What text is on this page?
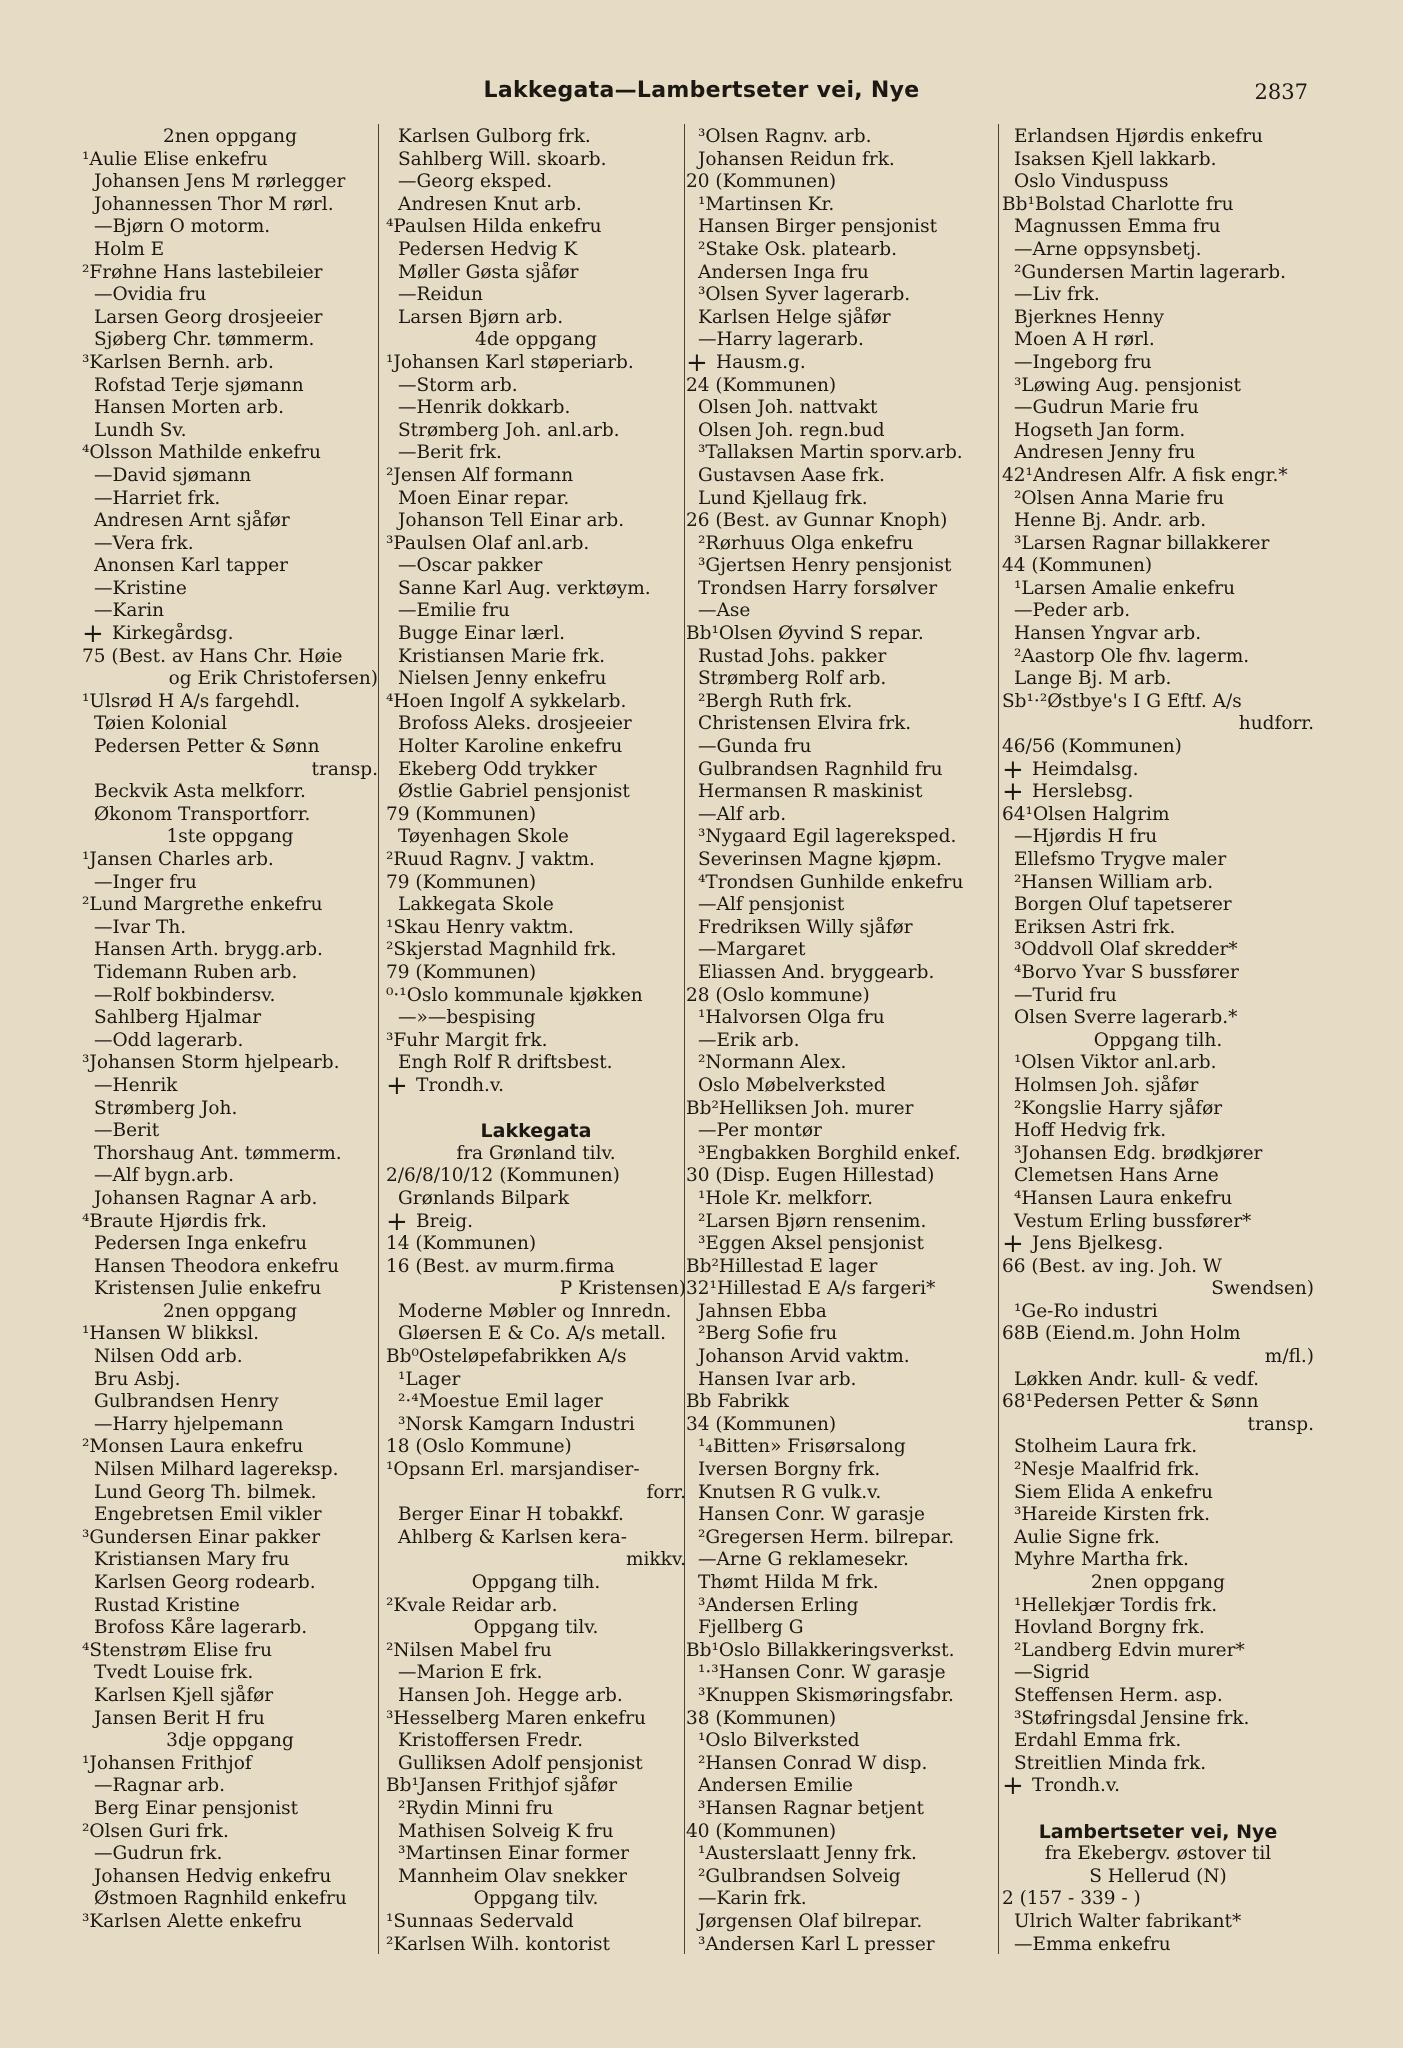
Lakkegata—Lambertseter vei, Nye	2837
2nen oppgang
¹Aulie Elise enkefru
Johansen Jens M rørlegger
Johannessen Thor M rørl.
—Bjørn O motorm.
Holm E
²Frøhne Hans lastebileier
—Ovidia fru
Larsen Georg drosjeeier
Sjøberg Chr. tømmerm.
³Karlsen Bernh. arb.
Rofstad Terje sjømann
Hansen Morten arb.
Lundh Sv.
⁴Olsson Mathilde enkefru
—David sjømann
—Harriet frk.
Andresen Arnt sjåfør
—Vera frk.
Anonsen Karl tapper
—Kristine
—Karin
+ Kirkegårdsg.
75 (Best. av Hans Chr. Høie
og Erik Christofersen)
¹Ulsrød H A/s fargehdl.
Tøien Kolonial
Pedersen Petter & Sønn
transp.
Beckvik Asta melkforr.
Økonom Transportforr.
1ste oppgang
¹Jansen Charles arb.
—Inger fru
²Lund Margrethe enkefru
—Ivar Th.
Hansen Arth. brygg.arb.
Tidemann Ruben arb.
—Rolf bokbindersv.
Sahlberg Hjalmar
—Odd lagerarb.
³Johansen Storm hjelpearb.
—Henrik
Strømberg Joh.
—Berit
Thorshaug Ant. tømmerm.
—Alf bygn.arb.
Johansen Ragnar A arb.
⁴Braute Hjørdis frk.
Pedersen Inga enkefru
Hansen Theodora enkefru
Kristensen Julie enkefru
2nen oppgang
¹Hansen W blikksl.
Nilsen Odd arb.
Bru Asbj.
Gulbrandsen Henry
—Harry hjelpemann
²Monsen Laura enkefru
Nilsen Milhard lagereksp.
Lund Georg Th. bilmek.
Engebretsen Emil vikler
³Gundersen Einar pakker
Kristiansen Mary fru
Karlsen Georg rodearb.
Rustad Kristine
Brofoss Kåre lagerarb.
⁴Stenstrøm Elise fru
Tvedt Louise frk.
Karlsen Kjell sjåfør
Jansen Berit H fru
3dje oppgang
¹Johansen Frithjof
—Ragnar arb.
Berg Einar pensjonist
²Olsen Guri frk.
—Gudrun frk.
Johansen Hedvig enkefru
Østmoen Ragnhild enkefru
³Karlsen Alette enkefru
Karlsen Gulborg frk.
Sahlberg Will. skoarb.
—Georg eksped.
Andresen Knut arb.
⁴Paulsen Hilda enkefru
Pedersen Hedvig K
Møller Gøsta sjåfør
—Reidun
Larsen Bjørn arb.
4de oppgang
¹Johansen Karl støperiarb.
—Storm arb.
—Henrik dokkarb.
Strømberg Joh. anl.arb.
—Berit frk.
²Jensen Alf formann
Moen Einar repar.
Johanson Tell Einar arb.
³Paulsen Olaf anl.arb.
—Oscar pakker
Sanne Karl Aug. verktøym.
—Emilie fru
Bugge Einar lærl.
Kristiansen Marie frk.
Nielsen Jenny enkefru
⁴Hoen Ingolf A sykkelarb.
Brofoss Aleks. drosjeeier
Holter Karoline enkefru
Ekeberg Odd trykker
Østlie Gabriel pensjonist
79 (Kommunen)
Tøyenhagen Skole
²Ruud Ragnv. J vaktm.
79 (Kommunen)
Lakkegata Skole
¹Skau Henry vaktm.
²Skjerstad Magnhild frk.
79 (Kommunen)
⁰·¹Oslo kommunale kjøkken
—»—bespising
³Fuhr Margit frk.
Engh Rolf R driftsbest.
+ Trondh.v.
Lakkegata
fra Grønland tilv.
2/6/8/10/12 (Kommunen)
Grønlands Bilpark
+ Breig.
14 (Kommunen)
16 (Best. av murm.firma
P Kristensen)
Moderne Møbler og Innredn.
Gløersen E & Co. A/s metall.
Bb⁰Osteløpefabrikken A/s
¹Lager
²·⁴Moestue Emil lager
³Norsk Kamgarn Industri
18 (Oslo Kommune)
¹Opsann Erl. marsjandiser-
forr.
Berger Einar H tobakkf.
Ahlberg & Karlsen kera-
mikkv.
Oppgang tilh.
²Kvale Reidar arb.
Oppgang tilv.
²Nilsen Mabel fru
—Marion E frk.
Hansen Joh. Hegge arb.
³Hesselberg Maren enkefru
Kristoffersen Fredr.
Gulliksen Adolf pensjonist
Bb¹Jansen Frithjof sjåfør
²Rydin Minni fru
Mathisen Solveig K fru
³Martinsen Einar former
Mannheim Olav snekker
Oppgang tilv.
¹Sunnaas Sedervald
²Karlsen Wilh. kontorist
³Olsen Ragnv. arb.
Johansen Reidun frk.
20 (Kommunen)
¹Martinsen Kr.
Hansen Birger pensjonist
²Stake Osk. platearb.
Andersen Inga fru
³Olsen Syver lagerarb.
Karlsen Helge sjåfør
—Harry lagerarb.
+ Hausm.g.
24 (Kommunen)
Olsen Joh. nattvakt
Olsen Joh. regn.bud
³Tallaksen Martin sporv.arb.
Gustavsen Aase frk.
Lund Kjellaug frk.
26 (Best. av Gunnar Knoph)
²Rørhuus Olga enkefru
³Gjertsen Henry pensjonist
Trondsen Harry forsølver
—Ase
Bb¹Olsen Øyvind S repar.
Rustad Johs. pakker
Strømberg Rolf arb.
²Bergh Ruth frk.
Christensen Elvira frk.
—Gunda fru
Gulbrandsen Ragnhild fru
Hermansen R maskinist
—Alf arb.
³Nygaard Egil lagereksped.
Severinsen Magne kjøpm.
⁴Trondsen Gunhilde enkefru
—Alf pensjonist
Fredriksen Willy sjåfør
—Margaret
Eliassen And. bryggearb.
28 (Oslo kommune)
¹Halvorsen Olga fru
—Erik arb.
²Normann Alex.
Oslo Møbelverksted
Bb²Helliksen Joh. murer
—Per montør
³Engbakken Borghild enkef.
30 (Disp. Eugen Hillestad)
¹Hole Kr. melkforr.
²Larsen Bjørn rensenim.
³Eggen Aksel pensjonist
Bb²Hillestad E lager
32¹Hillestad E A/s fargeri*
Jahnsen Ebba
²Berg Sofie fru
Johanson Arvid vaktm.
Hansen Ivar arb.
Bb Fabrikk
34 (Kommunen)
¹₄Bitten» Frisørsalong
Iversen Borgny frk.
Knutsen R G vulk.v.
Hansen Conr. W garasje
²Gregersen Herm. bilrepar.
—Arne G reklamesekr.
Thømt Hilda M frk.
³Andersen Erling
Fjellberg G
Bb¹Oslo Billakkeringsverkst.
¹·³Hansen Conr. W garasje
³Knuppen Skismøringsfabr.
38 (Kommunen)
¹Oslo Bilverksted
²Hansen Conrad W disp.
Andersen Emilie
³Hansen Ragnar betjent
40 (Kommunen)
¹Austerslaatt Jenny frk.
²Gulbrandsen Solveig
—Karin frk.
Jørgensen Olaf bilrepar.
³Andersen Karl L presser
Erlandsen Hjørdis enkefru
Isaksen Kjell lakkarb.
Oslo Vinduspuss
Bb¹Bolstad Charlotte fru
Magnussen Emma fru
—Arne oppsynsbetj.
²Gundersen Martin lagerarb.
—Liv frk.
Bjerknes Henny
Moen A H rørl.
—Ingeborg fru
³Løwing Aug. pensjonist
—Gudrun Marie fru
Hogseth Jan form.
Andresen Jenny fru
42¹Andresen Alfr. A fisk engr.*
²Olsen Anna Marie fru
Henne Bj. Andr. arb.
³Larsen Ragnar billakkerer
44 (Kommunen)
¹Larsen Amalie enkefru
—Peder arb.
Hansen Yngvar arb.
²Aastorp Ole fhv. lagerm.
Lange Bj. M arb.
Sb¹·²Østbye's I G Eftf. A/s
hudforr.
46/56 (Kommunen)
+ Heimdalsg.
+ Herslebsg.
64¹Olsen Halgrim
—Hjørdis H fru
Ellefsmo Trygve maler
²Hansen William arb.
Borgen Oluf tapetserer
Eriksen Astri frk.
³Oddvoll Olaf skredder*
⁴Borvo Yvar S bussfører
—Turid fru
Olsen Sverre lagerarb.*
Oppgang tilh.
¹Olsen Viktor anl.arb.
Holmsen Joh. sjåfør
²Kongslie Harry sjåfør
Hoff Hedvig frk.
³Johansen Edg. brødkjører
Clemetsen Hans Arne
⁴Hansen Laura enkefru
Vestum Erling bussfører*
+ Jens Bjelkesg.
66 (Best. av ing. Joh. W
Swendsen)
¹Ge-Ro industri
68B (Eiend.m. John Holm
m/fl.)
Løkken Andr. kull- & vedf.
68¹Pedersen Petter & Sønn
transp.
Stolheim Laura frk.
²Nesje Maalfrid frk.
Siem Elida A enkefru
³Hareide Kirsten frk.
Aulie Signe frk.
Myhre Martha frk.
2nen oppgang
¹Hellekjær Tordis frk.
Hovland Borgny frk.
²Landberg Edvin murer*
—Sigrid
Steffensen Herm. asp.
³Støfringsdal Jensine frk.
Erdahl Emma frk.
Streitlien Minda frk.
+ Trondh.v.
Lambertseter vei, Nye
fra Ekebergv. østover til
S Hellerud (N)
2 (157 - 339 - )
Ulrich Walter fabrikant*
—Emma enkefru
